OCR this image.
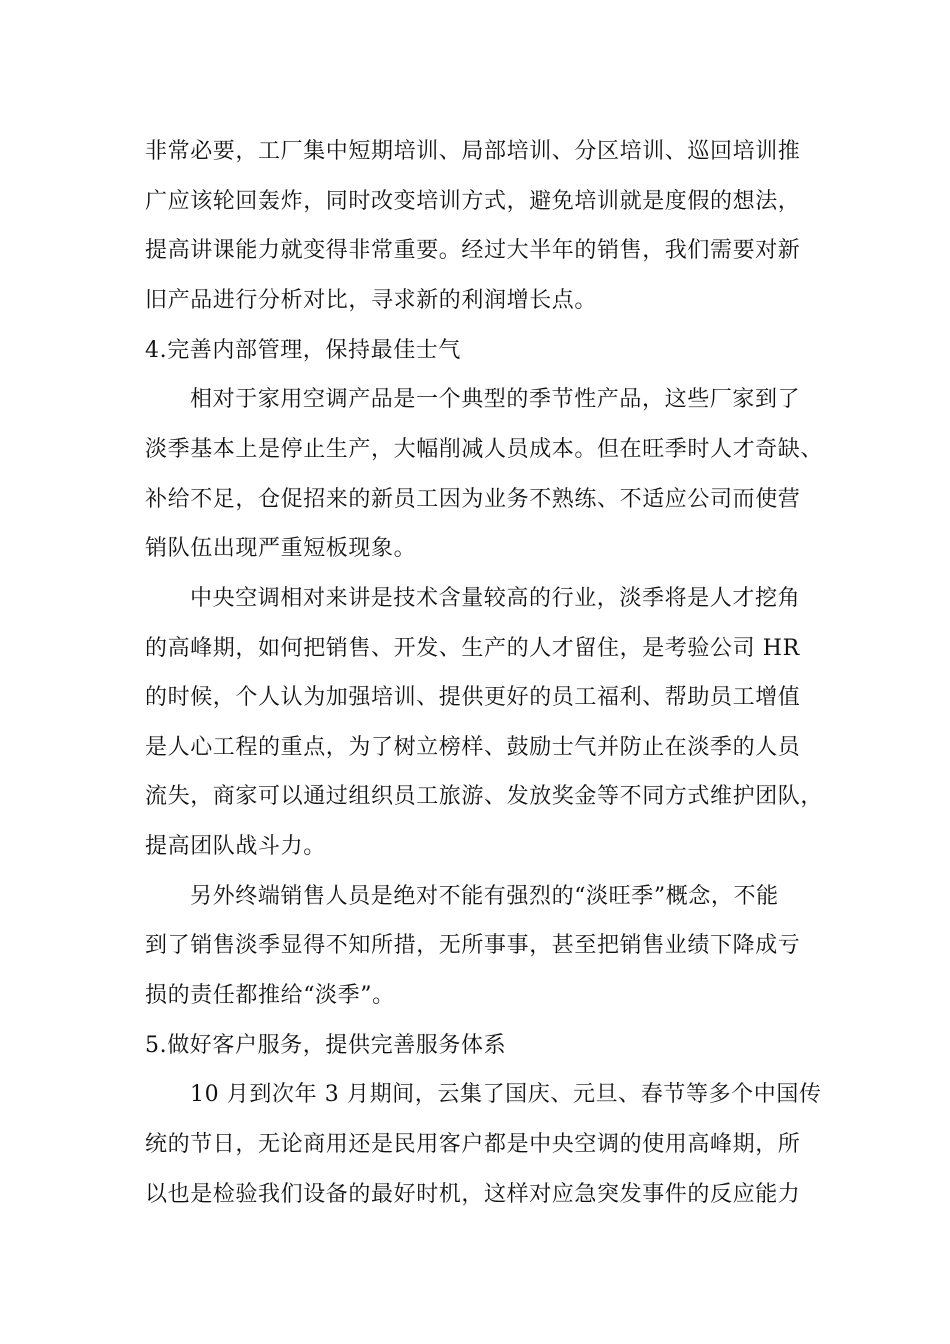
非常必要，工厂集中短期培训、局部培训、分区培训、巡回培训推
广应该轮回轰炸，同时改变培训方式，避免培训就是度假的想法，
提高讲课能力就变得非常重要。经过大半年的销售，我们需要对新
旧产品进行分析对比，寻求新的利润增长点。
4.完善内部管理，保持最佳士气
相对于家用空调产品是一个典型的季节性产品，这些厂家到了
淡季基本上是停止生产，大幅削减人员成本。但在旺季时人才奇缺、
补给不足，仓促招来的新员工因为业务不熟练、不适应公司而使营
销队伍出现严重短板现象。
中央空调相对来讲是技术含量较高的行业，淡季将是人才挖角
的高峰期，如何把销售、开发、生产的人才留住，是考验公司 HR
的时候，个人认为加强培训、提供更好的员工福利、帮助员工增值
是人心工程的重点，为了树立榜样、鼓励士气并防止在淡季的人员
流失，商家可以通过组织员工旅游、发放奖金等不同方式维护团队，
提高团队战斗力。
另外终端销售人员是绝对不能有强烈的“淡旺季”概念，不能
到了销售淡季显得不知所措，无所事事，甚至把销售业绩下降成亏
损的责任都推给“淡季”。
5.做好客户服务，提供完善服务体系
10 月到次年 3 月期间，云集了国庆、元旦、春节等多个中国传
统的节日，无论商用还是民用客户都是中央空调的使用高峰期，所
以也是检验我们设备的最好时机，这样对应急突发事件的反应能力
